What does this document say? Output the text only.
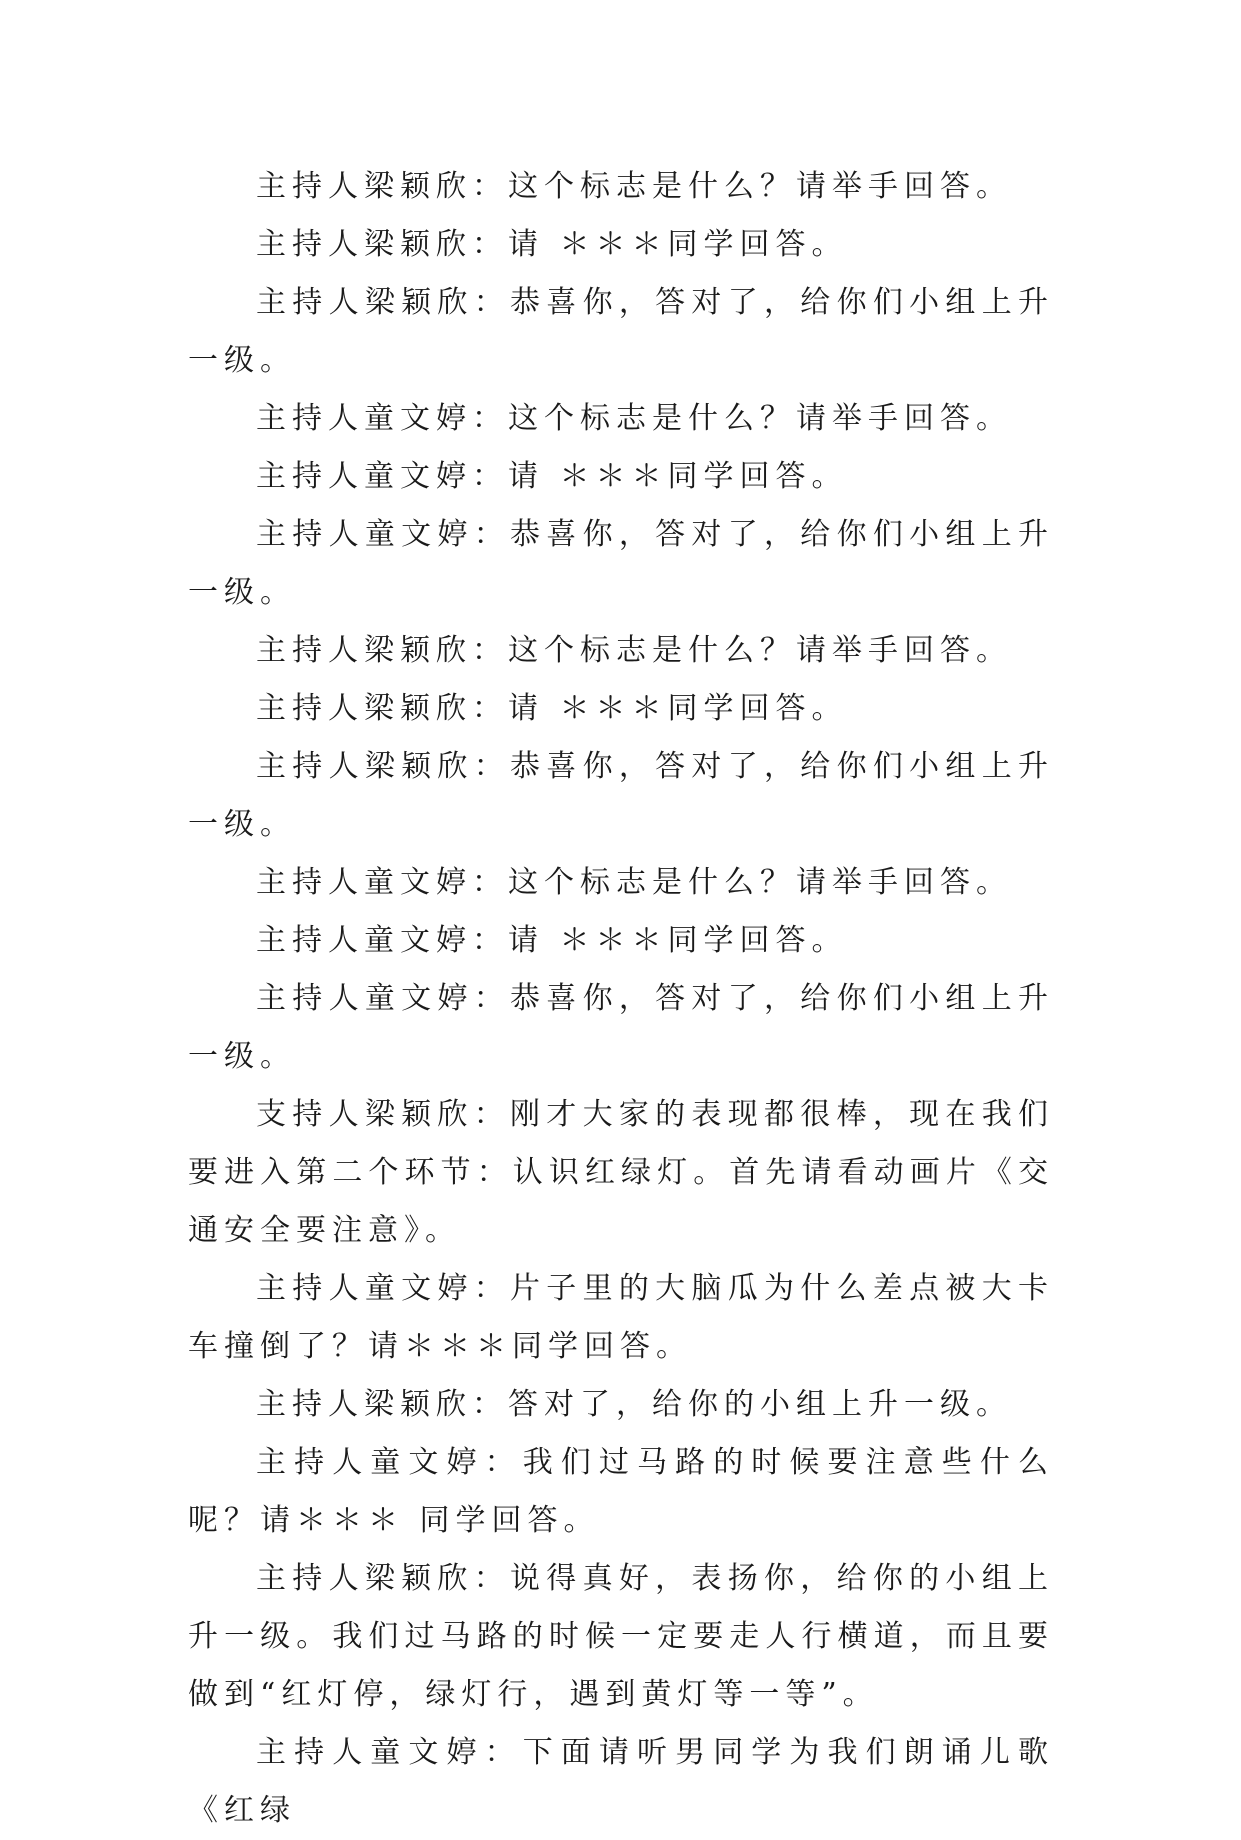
主持人梁颖欣：这个标志是什么？请举手回答。

主持人梁颖欣：请 ＊＊＊同学回答。

主持人梁颖欣：恭喜你，答对了，给你们小组上升一级。

主持人童文婷：这个标志是什么？请举手回答。

主持人童文婷：请 ＊＊＊同学回答。

主持人童文婷：恭喜你，答对了，给你们小组上升一级。

主持人梁颖欣：这个标志是什么？请举手回答。

主持人梁颖欣：请 ＊＊＊同学回答。

主持人梁颖欣：恭喜你，答对了，给你们小组上升一级。

主持人童文婷：这个标志是什么？请举手回答。

主持人童文婷：请 ＊＊＊同学回答。

主持人童文婷：恭喜你，答对了，给你们小组上升一级。

支持人梁颖欣：刚才大家的表现都很棒，现在我们要进入第二个环节：认识红绿灯。首先请看动画片《交通安全要注意》。

主持人童文婷：片子里的大脑瓜为什么差点被大卡车撞倒了？请＊＊＊同学回答。

主持人梁颖欣：答对了，给你的小组上升一级。

主持人童文婷：我们过马路的时候要注意些什么呢？请＊＊＊ 同学回答。

主持人梁颖欣：说得真好，表扬你，给你的小组上升一级。我们过马路的时候一定要走人行横道，而且要做到“红灯停，绿灯行，遇到黄灯等一等”。

主持人童文婷：下面请听男同学为我们朗诵儿歌《红绿
